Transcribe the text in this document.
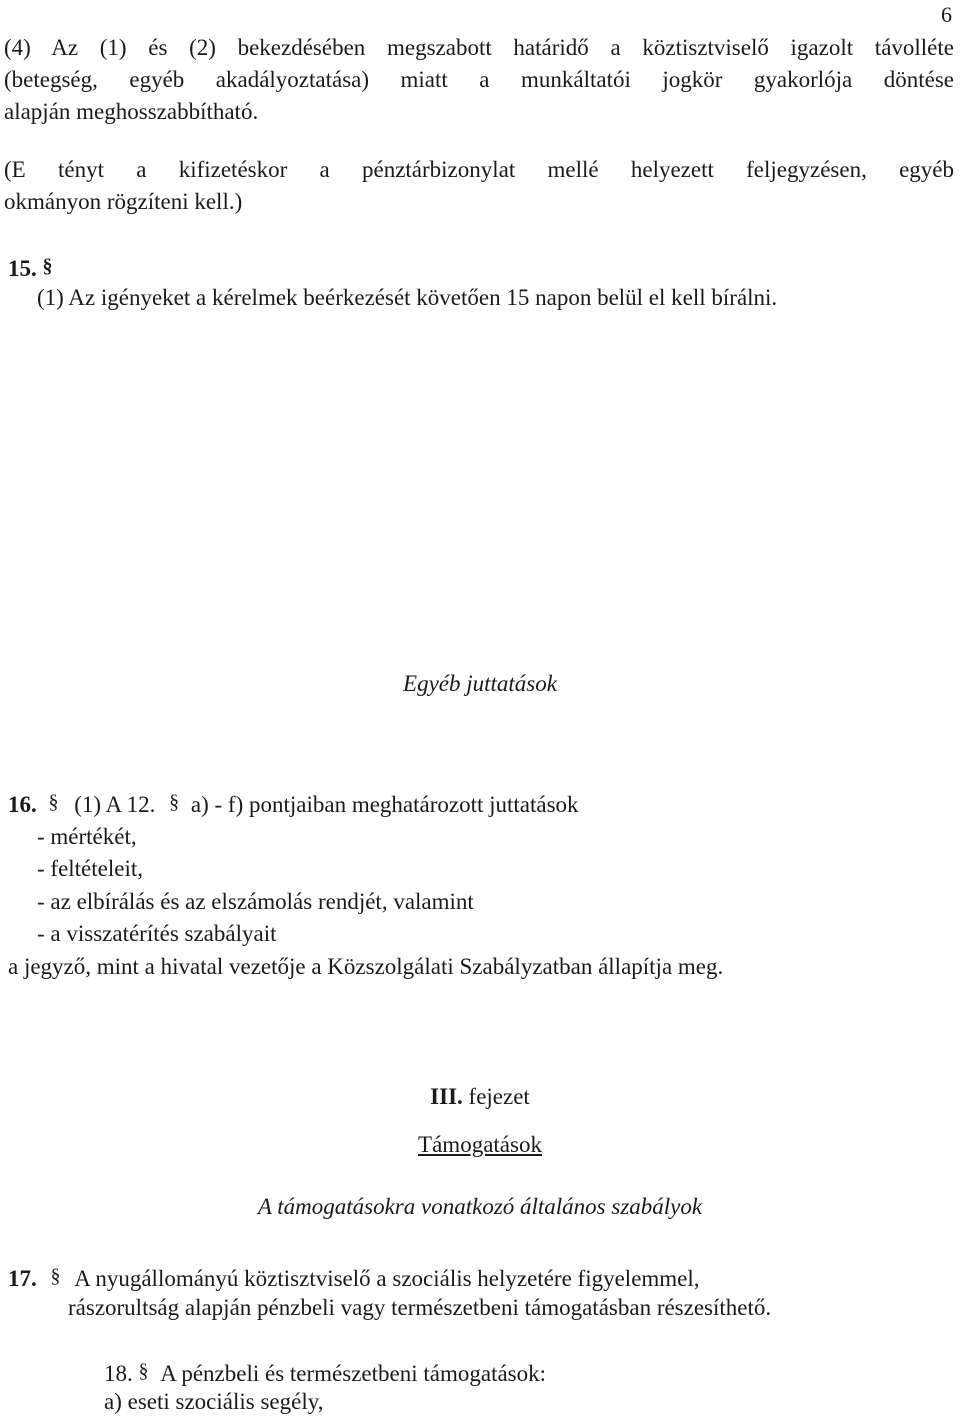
6
(4) Az (1) és (2) bekezdésében megszabott határidő a köztisztviselő igazolt távolléte
(betegség, egyéb akadályoztatása) miatt a munkáltatói jogkör gyakorlója döntése
alapján meghosszabbítható.
(E tényt a kifizetéskor a pénztárbizonylat mellé helyezett feljegyzésen, egyéb
okmányon rögzíteni kell.)
15. §
(1) Az igényeket a kérelmek beérkezését követően 15 napon belül el kell bírálni.
Egyéb juttatások
16. § (1) A 12. § a) - f) pontjaiban meghatározott juttatások
- mértékét,
- feltételeit,
- az elbírálás és az elszámolás rendjét, valamint
- a visszatérítés szabályait
a jegyző, mint a hivatal vezetője a Közszolgálati Szabályzatban állapítja meg.
III. fejezet
Támogatások
A támogatásokra vonatkozó általános szabályok
17. § A nyugállományú köztisztviselő a szociális helyzetére figyelemmel,
rászorultság alapján pénzbeli vagy természetbeni támogatásban részesíthető.
18. § A pénzbeli és természetbeni támogatások:
a) eseti szociális segély,
